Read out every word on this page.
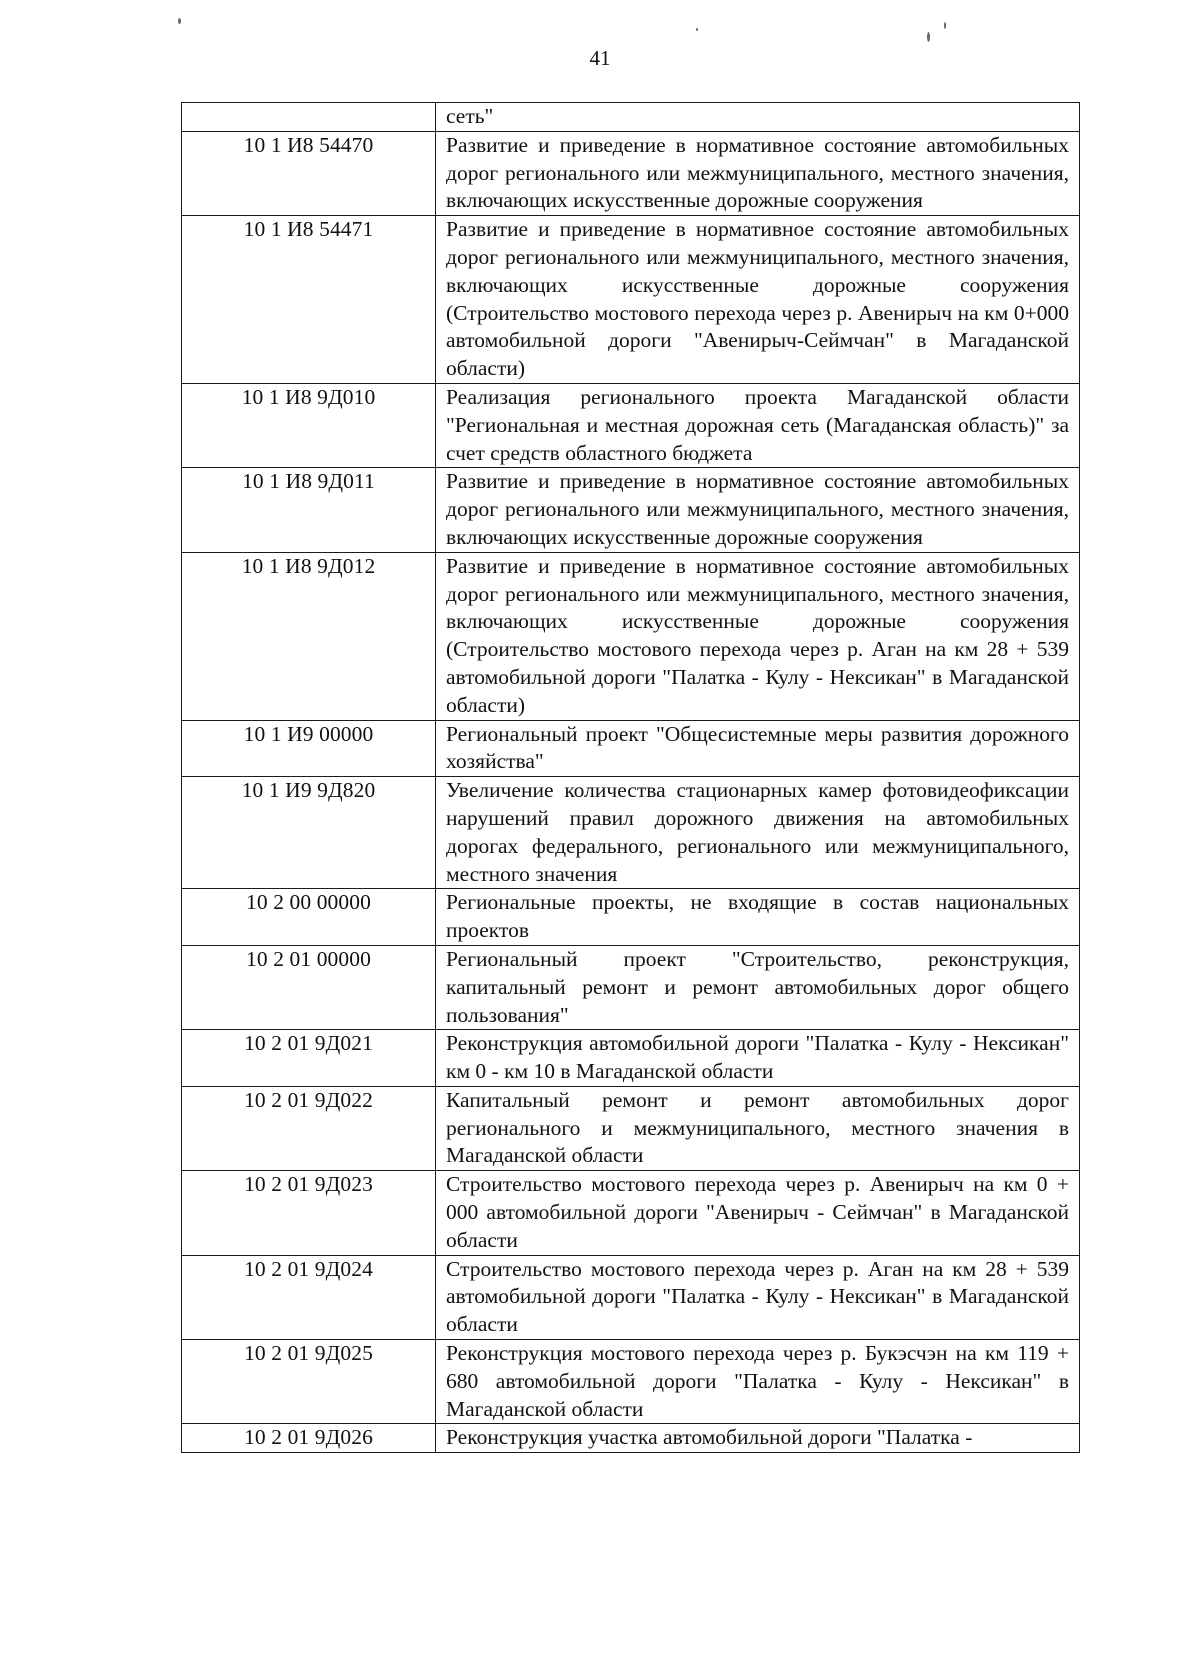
41
	сеть"
10 1 И8 54470	Развитие и приведение в нормативное состояние автомобильных дорог регионального или межмуниципального, местного значения, включающих искусственные дорожные сооружения
10 1 И8 54471	Развитие и приведение в нормативное состояние автомобильных дорог регионального или межмуниципального, местного значения, включающих искусственные дорожные сооружения (Строительство мостового перехода через р. Авенирыч на км 0+000 автомобильной дороги "Авенирыч-Сеймчан" в Магаданской области)
10 1 И8 9Д010	Реализация регионального проекта Магаданской области "Региональная и местная дорожная сеть (Магаданская область)" за счет средств областного бюджета
10 1 И8 9Д011	Развитие и приведение в нормативное состояние автомобильных дорог регионального или межмуниципального, местного значения, включающих искусственные дорожные сооружения
10 1 И8 9Д012	Развитие и приведение в нормативное состояние автомобильных дорог регионального или межмуниципального, местного значения, включающих искусственные дорожные сооружения (Строительство мостового перехода через р. Аган на км 28 + 539 автомобильной дороги "Палатка - Кулу - Нексикан" в Магаданской области)
10 1 И9 00000	Региональный проект "Общесистемные меры развития дорожного хозяйства"
10 1 И9 9Д820	Увеличение количества стационарных камер фотовидеофиксации нарушений правил дорожного движения на автомобильных дорогах федерального, регионального или межмуниципального, местного значения
10 2 00 00000	Региональные проекты, не входящие в состав национальных проектов
10 2 01 00000	Региональный проект "Строительство, реконструкция, капитальный ремонт и ремонт автомобильных дорог общего пользования"
10 2 01 9Д021	Реконструкция автомобильной дороги "Палатка - Кулу - Нексикан" км 0 - км 10 в Магаданской области
10 2 01 9Д022	Капитальный ремонт и ремонт автомобильных дорог регионального и межмуниципального, местного значения в Магаданской области
10 2 01 9Д023	Строительство мостового перехода через р. Авенирыч на км 0 + 000 автомобильной дороги "Авенирыч - Сеймчан" в Магаданской области
10 2 01 9Д024	Строительство мостового перехода через р. Аган на км 28 + 539 автомобильной дороги "Палатка - Кулу - Нексикан" в Магаданской области
10 2 01 9Д025	Реконструкция мостового перехода через р. Букэсчэн на км 119 + 680 автомобильной дороги "Палатка - Кулу - Нексикан" в Магаданской области
10 2 01 9Д026	Реконструкция участка автомобильной дороги "Палатка -
